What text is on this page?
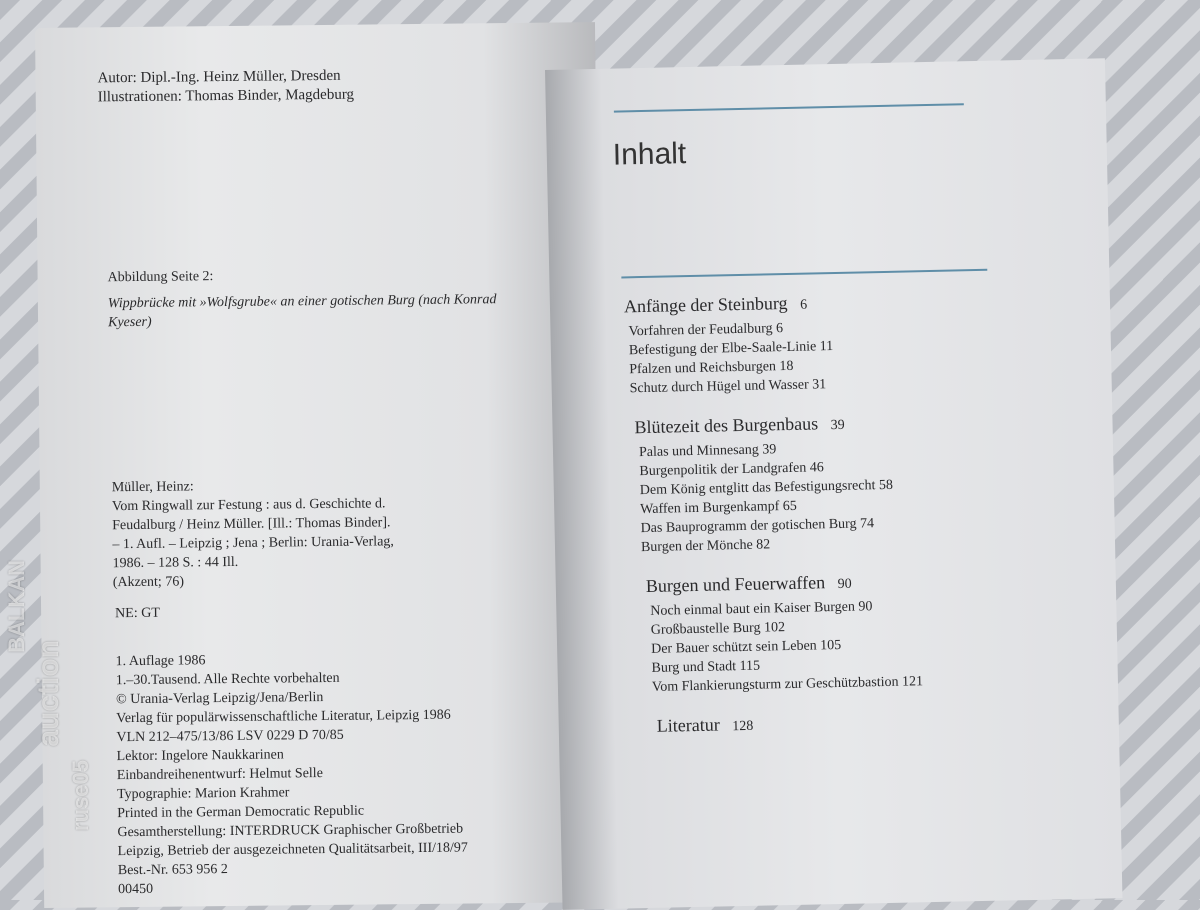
Autor: Dipl.-Ing. Heinz Müller, Dresden
Illustrationen: Thomas Binder, Magdeburg
Abbildung Seite 2:
Wippbrücke mit »Wolfsgrube« an einer gotischen Burg (nach Konrad
Kyeser)
Müller, Heinz:
Vom Ringwall zur Festung : aus d. Geschichte d.
Feudalburg / Heinz Müller. [Ill.: Thomas Binder].
– 1. Aufl. – Leipzig ; Jena ; Berlin: Urania-Verlag,
1986. – 128 S. : 44 Ill.
(Akzent; 76)
NE: GT
1. Auflage 1986
1.–30.Tausend. Alle Rechte vorbehalten
© Urania-Verlag Leipzig/Jena/Berlin
Verlag für populärwissenschaftliche Literatur, Leipzig 1986
VLN 212–475/13/86 LSV 0229 D 70/85
Lektor: Ingelore Naukkarinen
Einbandreihenentwurf: Helmut Selle
Typographie: Marion Krahmer
Printed in the German Democratic Republic
Gesamtherstellung: INTERDRUCK Graphischer Großbetrieb
Leipzig, Betrieb der ausgezeichneten Qualitätsarbeit, III/18/97
Best.-Nr. 653 956 2
00450
Inhalt
Anfänge der Steinburg 6
Vorfahren der Feudalburg 6
Befestigung der Elbe-Saale-Linie 11
Pfalzen und Reichsburgen 18
Schutz durch Hügel und Wasser 31
Blütezeit des Burgenbaus 39
Palas und Minnesang 39
Burgenpolitik der Landgrafen 46
Dem König entglitt das Befestigungsrecht 58
Waffen im Burgenkampf 65
Das Bauprogramm der gotischen Burg 74
Burgen der Mönche 82
Burgen und Feuerwaffen 90
Noch einmal baut ein Kaiser Burgen 90
Großbaustelle Burg 102
Der Bauer schützt sein Leben 105
Burg und Stadt 115
Vom Flankierungsturm zur Geschützbastion 121
Literatur 128
BALKAN
auction
ruse05
